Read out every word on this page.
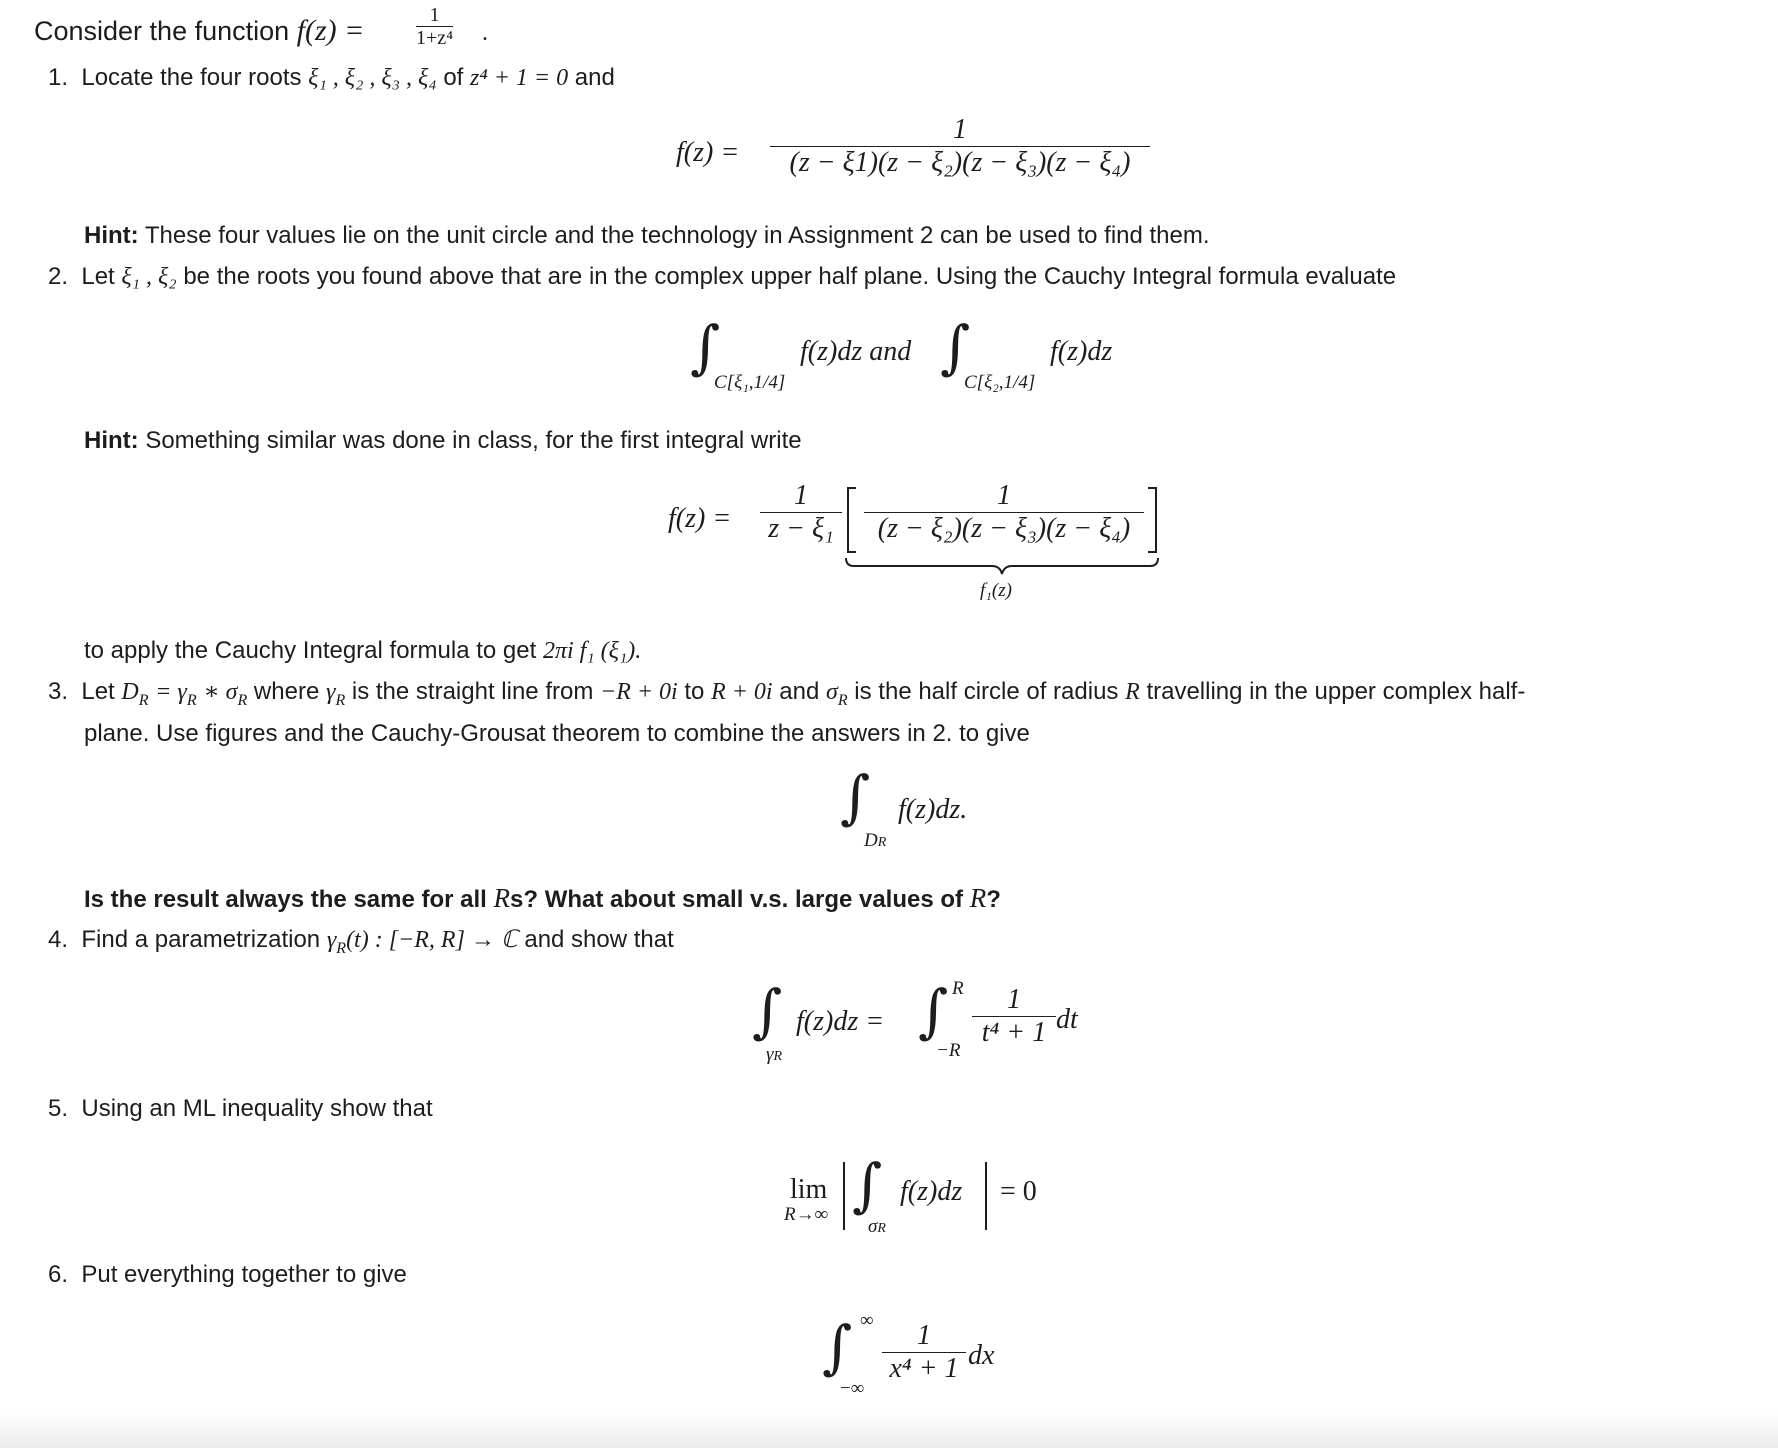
Consider the function f(z) =	1
1+z⁴ .
1. Locate the four roots ξ₁ , ξ₂ , ξ₃ , ξ₄ of z⁴ + 1 = 0 and
f(z) =
1
(z − ξ1)(z − ξ₂)(z − ξ₃)(z − ξ₄)
Hint: These four values lie on the unit circle and the technology in Assignment 2 can be used to find them.
2. Let ξ₁ , ξ₂ be the roots you found above that are in the complex upper half plane. Using the Cauchy Integral formula evaluate
∫
C[ξ₁,1/4]
f(z)dz and ∫
C[ξ₂,1/4]
f(z)dz
Hint: Something similar was done in class, for the first integral write
f(z) =
1
z − ξ₁
1
(z − ξ₂)(z − ξ₃)(z − ξ₄)
f₁(z)
to apply the Cauchy Integral formula to get 2πi f₁ (ξ₁).
3. Let $D_R = \gamma_R$ ∗ $\sigma_R$ where $\gamma_R$ is the straight line from −R + 0i to R + 0i and $\sigma_R$ is the half circle of radius R travelling in the upper complex half-
plane. Use figures and the Cauchy-Grousat theorem to combine the answers in 2. to give
∫
DR
f(z)dz.
Is the result always the same for all Rs? What about small v.s. large values of R?
4. Find a parametrization $\gamma_R(t)$ : [−R, R] → ℂ and show that
∫
γR
f(z)dz = ∫ R
−R
1
t⁴ + 1 dt
5. Using an ML inequality show that
lim
R→∞ ∫
σR
f(z)dz = 0
6. Put everything together to give
∫ ∞
−∞
1
x⁴ + 1 dx
